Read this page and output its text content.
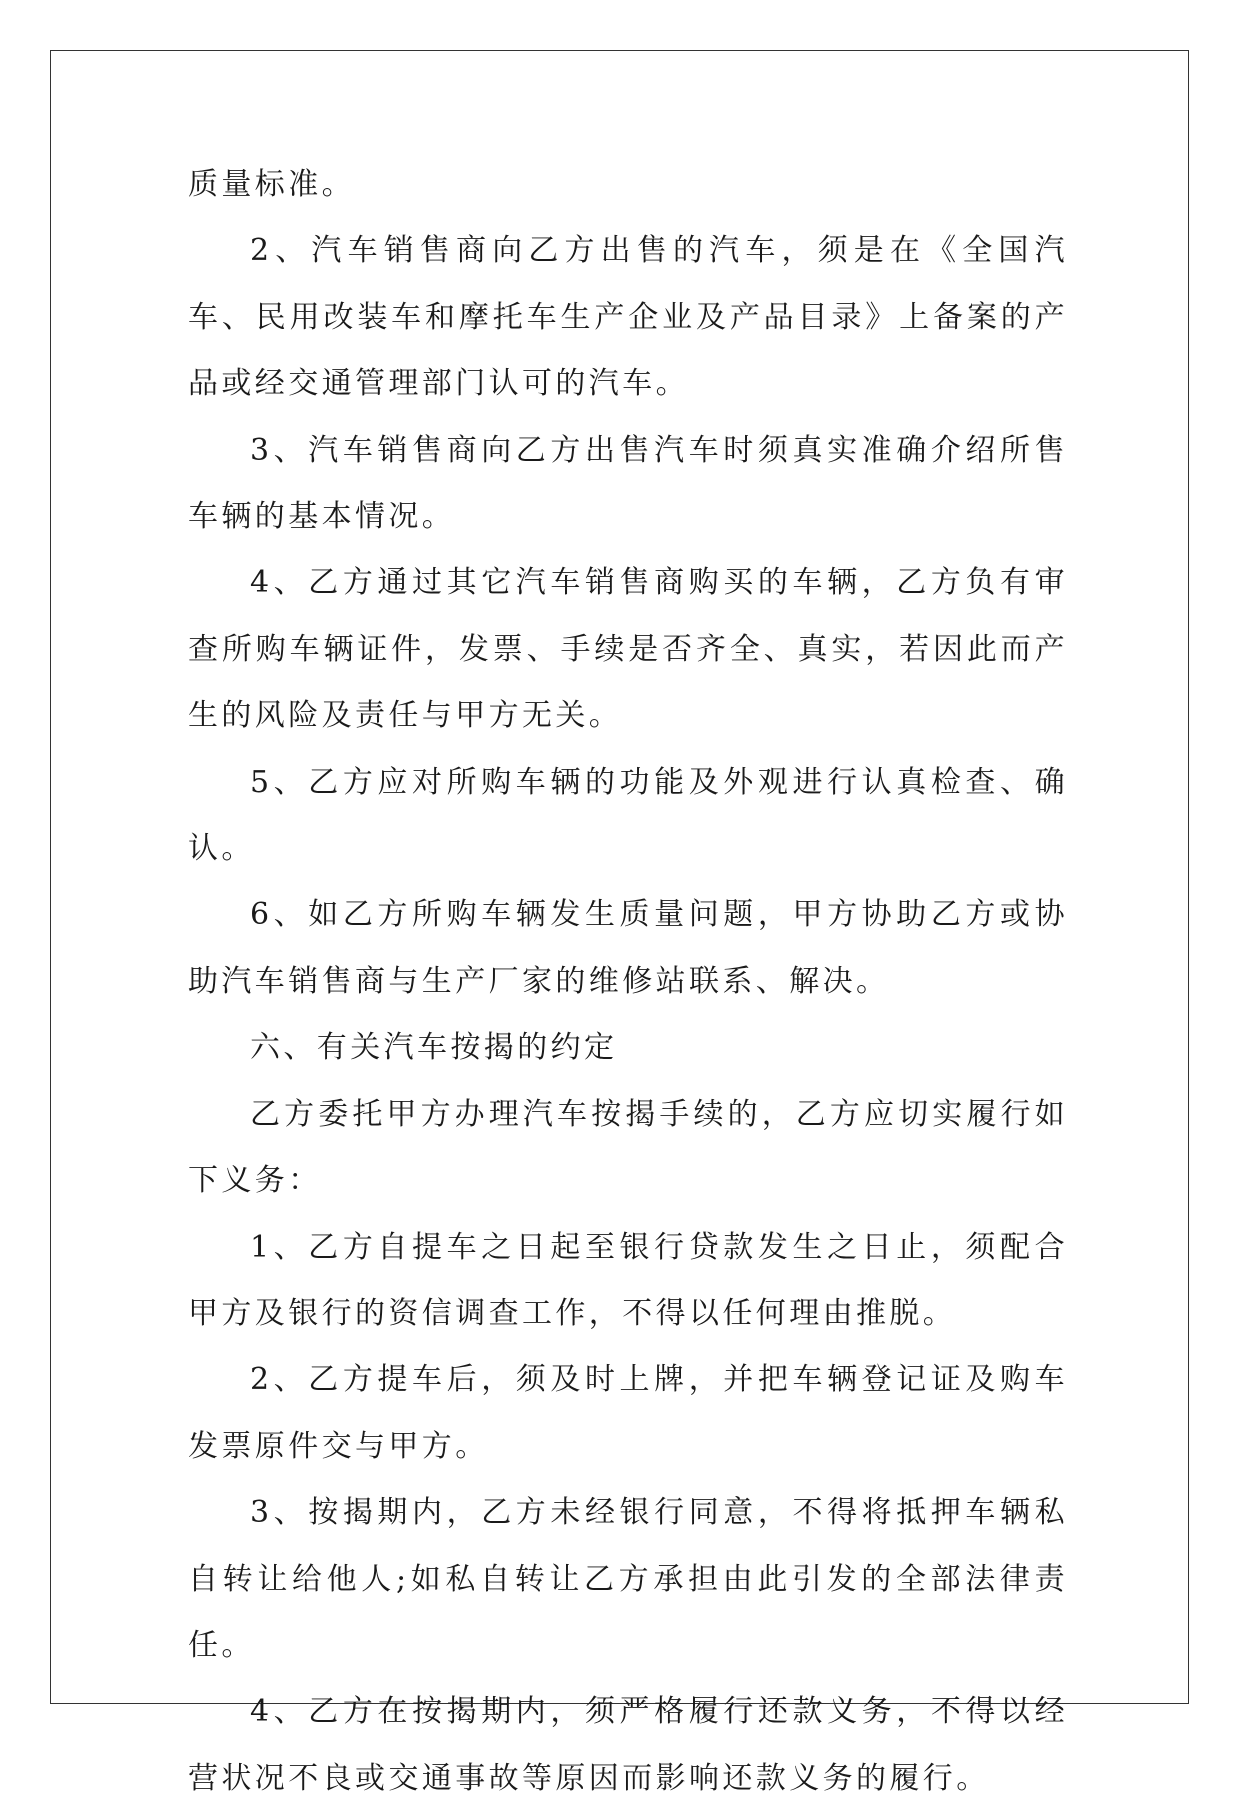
质量标准。

2、汽车销售商向乙方出售的汽车，须是在《全国汽车、民用改装车和摩托车生产企业及产品目录》上备案的产品或经交通管理部门认可的汽车。

3、汽车销售商向乙方出售汽车时须真实准确介绍所售车辆的基本情况。

4、乙方通过其它汽车销售商购买的车辆，乙方负有审查所购车辆证件，发票、手续是否齐全、真实，若因此而产生的风险及责任与甲方无关。

5、乙方应对所购车辆的功能及外观进行认真检查、确认。

6、如乙方所购车辆发生质量问题，甲方协助乙方或协助汽车销售商与生产厂家的维修站联系、解决。

六、有关汽车按揭的约定

乙方委托甲方办理汽车按揭手续的，乙方应切实履行如下义务：

1、乙方自提车之日起至银行贷款发生之日止，须配合甲方及银行的资信调查工作，不得以任何理由推脱。

2、乙方提车后，须及时上牌，并把车辆登记证及购车发票原件交与甲方。

3、按揭期内，乙方未经银行同意，不得将抵押车辆私自转让给他人;如私自转让乙方承担由此引发的全部法律责任。

4、乙方在按揭期内，须严格履行还款义务，不得以经营状况不良或交通事故等原因而影响还款义务的履行。
